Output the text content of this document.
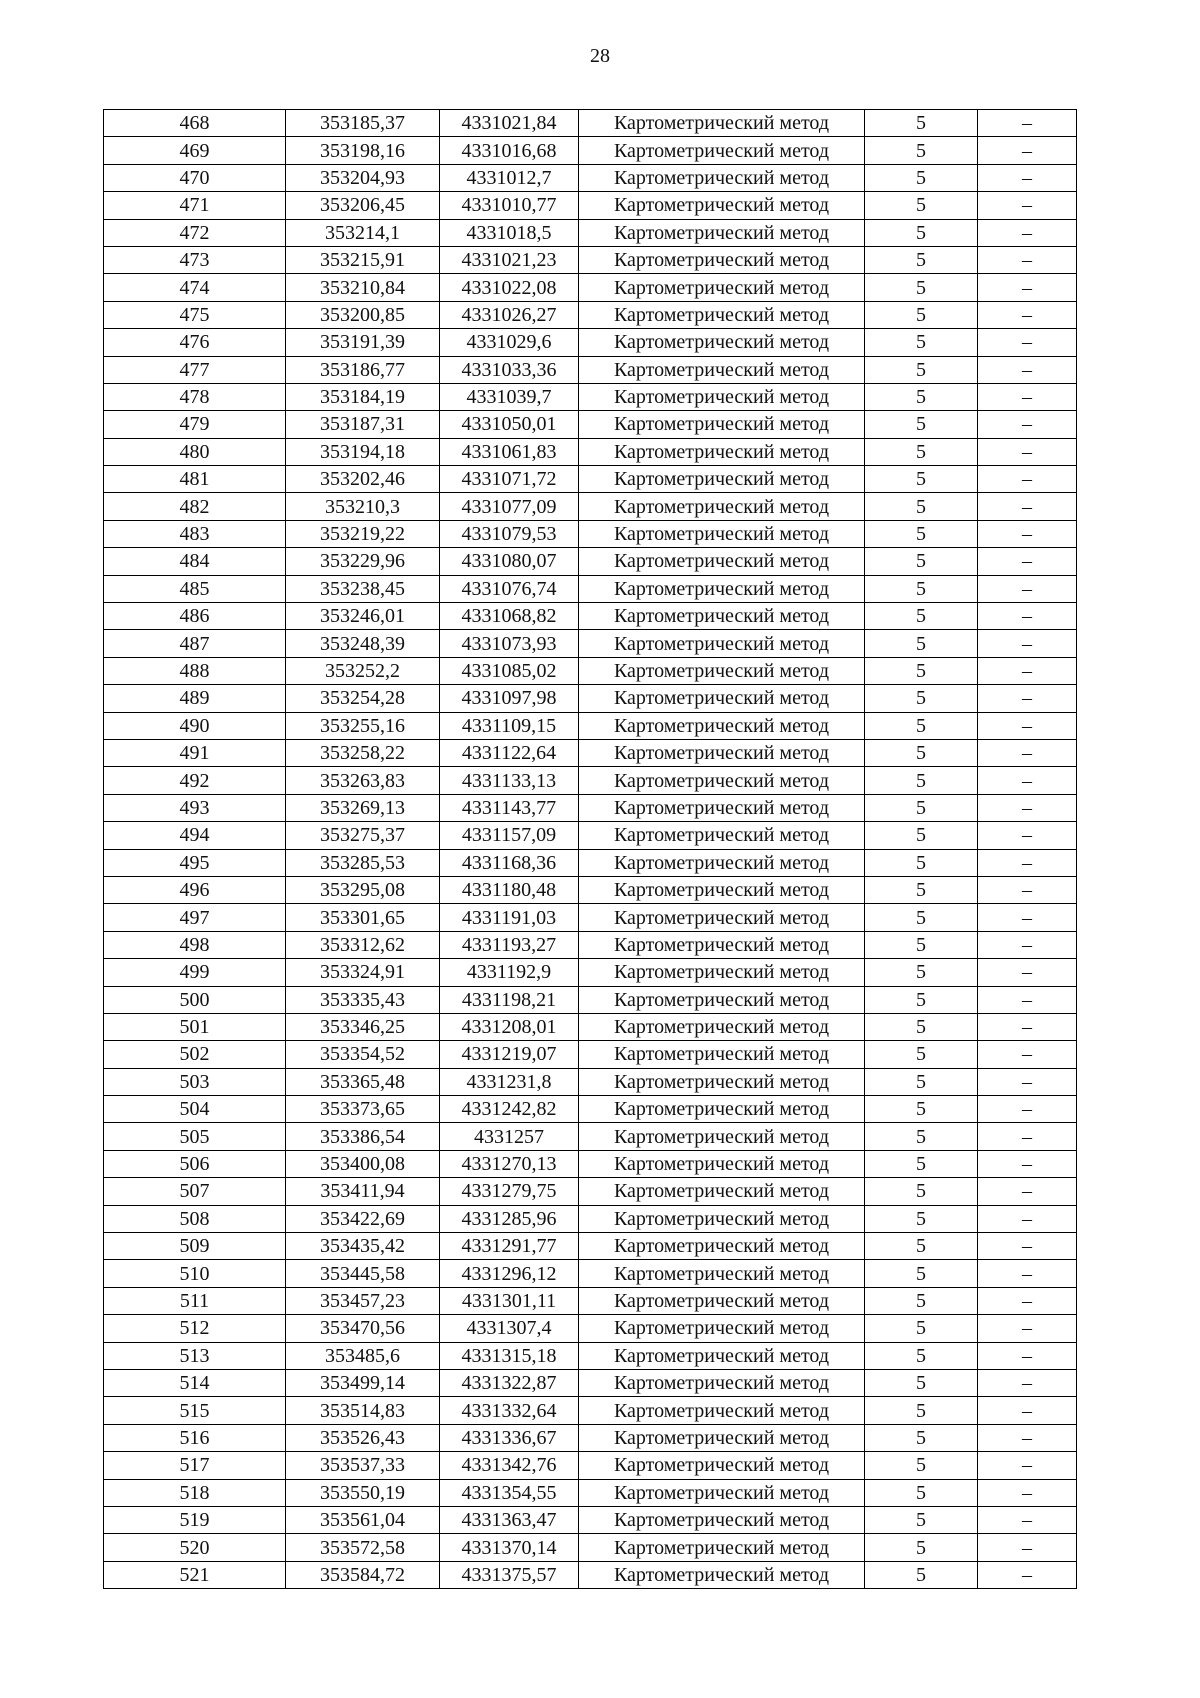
28
468	353185,37	4331021,84	Картометрический метод	5	–
469	353198,16	4331016,68	Картометрический метод	5	–
470	353204,93	4331012,7	Картометрический метод	5	–
471	353206,45	4331010,77	Картометрический метод	5	–
472	353214,1	4331018,5	Картометрический метод	5	–
473	353215,91	4331021,23	Картометрический метод	5	–
474	353210,84	4331022,08	Картометрический метод	5	–
475	353200,85	4331026,27	Картометрический метод	5	–
476	353191,39	4331029,6	Картометрический метод	5	–
477	353186,77	4331033,36	Картометрический метод	5	–
478	353184,19	4331039,7	Картометрический метод	5	–
479	353187,31	4331050,01	Картометрический метод	5	–
480	353194,18	4331061,83	Картометрический метод	5	–
481	353202,46	4331071,72	Картометрический метод	5	–
482	353210,3	4331077,09	Картометрический метод	5	–
483	353219,22	4331079,53	Картометрический метод	5	–
484	353229,96	4331080,07	Картометрический метод	5	–
485	353238,45	4331076,74	Картометрический метод	5	–
486	353246,01	4331068,82	Картометрический метод	5	–
487	353248,39	4331073,93	Картометрический метод	5	–
488	353252,2	4331085,02	Картометрический метод	5	–
489	353254,28	4331097,98	Картометрический метод	5	–
490	353255,16	4331109,15	Картометрический метод	5	–
491	353258,22	4331122,64	Картометрический метод	5	–
492	353263,83	4331133,13	Картометрический метод	5	–
493	353269,13	4331143,77	Картометрический метод	5	–
494	353275,37	4331157,09	Картометрический метод	5	–
495	353285,53	4331168,36	Картометрический метод	5	–
496	353295,08	4331180,48	Картометрический метод	5	–
497	353301,65	4331191,03	Картометрический метод	5	–
498	353312,62	4331193,27	Картометрический метод	5	–
499	353324,91	4331192,9	Картометрический метод	5	–
500	353335,43	4331198,21	Картометрический метод	5	–
501	353346,25	4331208,01	Картометрический метод	5	–
502	353354,52	4331219,07	Картометрический метод	5	–
503	353365,48	4331231,8	Картометрический метод	5	–
504	353373,65	4331242,82	Картометрический метод	5	–
505	353386,54	4331257	Картометрический метод	5	–
506	353400,08	4331270,13	Картометрический метод	5	–
507	353411,94	4331279,75	Картометрический метод	5	–
508	353422,69	4331285,96	Картометрический метод	5	–
509	353435,42	4331291,77	Картометрический метод	5	–
510	353445,58	4331296,12	Картометрический метод	5	–
511	353457,23	4331301,11	Картометрический метод	5	–
512	353470,56	4331307,4	Картометрический метод	5	–
513	353485,6	4331315,18	Картометрический метод	5	–
514	353499,14	4331322,87	Картометрический метод	5	–
515	353514,83	4331332,64	Картометрический метод	5	–
516	353526,43	4331336,67	Картометрический метод	5	–
517	353537,33	4331342,76	Картометрический метод	5	–
518	353550,19	4331354,55	Картометрический метод	5	–
519	353561,04	4331363,47	Картометрический метод	5	–
520	353572,58	4331370,14	Картометрический метод	5	–
521	353584,72	4331375,57	Картометрический метод	5	–
